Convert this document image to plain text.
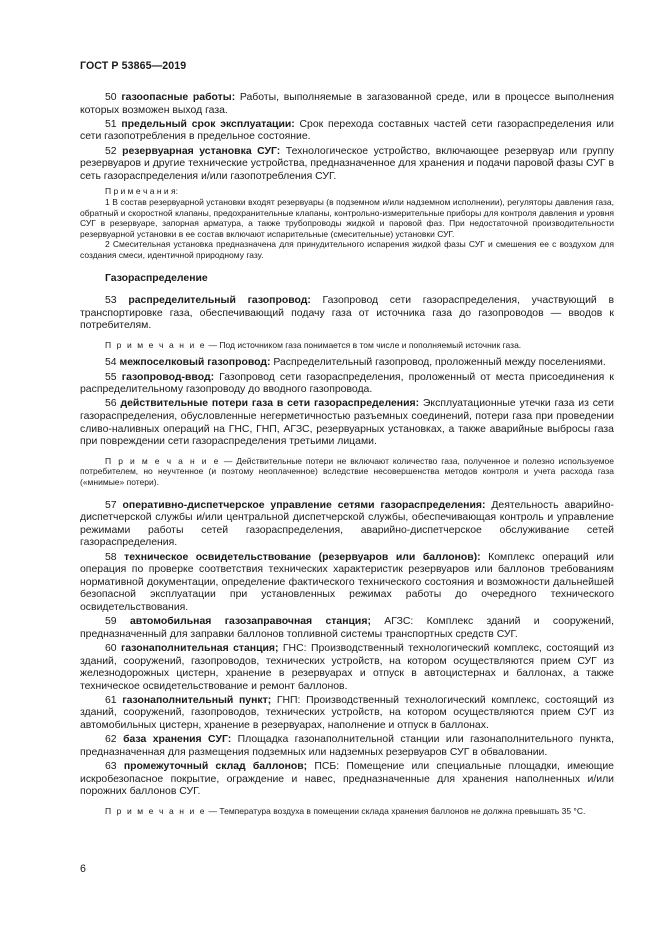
ГОСТ Р 53865—2019

50 газоопасные работы: Работы, выполняемые в загазованной среде, или в процессе выполнения которых возможен выход газа.

51 предельный срок эксплуатации: Срок перехода составных частей сети газораспределения или сети газопотребления в предельное состояние.

52 резервуарная установка СУГ: Технологическое устройство, включающее резервуар или группу резервуаров и другие технические устройства, предназначенное для хранения и подачи паровой фазы СУГ в сеть газораспределения и/или газопотребления СУГ.

П р и м е ч а н и я:

1 В состав резервуарной установки входят резервуары (в подземном и/или надземном исполнении), регуляторы давления газа, обратный и скоростной клапаны, предохранительные клапаны, контрольно-измерительные приборы для контроля давления и уровня СУГ в резервуаре, запорная арматура, а также трубопроводы жидкой и паровой фаз. При недостаточной производительности резервуарной установки в ее состав включают испарительные (смесительные) установки СУГ.

2 Смесительная установка предназначена для принудительного испарения жидкой фазы СУГ и смешения ее с воздухом для создания смеси, идентичной природному газу.

Газораспределение

53 распределительный газопровод: Газопровод сети газораспределения, участвующий в транспортировке газа, обеспечивающий подачу газа от источника газа до газопроводов — вводов к потребителям.

П р и м е ч а н и е — Под источником газа понимается в том числе и пополняемый источник газа.

54 межпоселковый газопровод: Распределительный газопровод, проложенный между поселениями.

55 газопровод-ввод: Газопровод сети газораспределения, проложенный от места присоединения к распределительному газопроводу до вводного газопровода.

56 действительные потери газа в сети газораспределения: Эксплуатационные утечки газа из сети газораспределения, обусловленные негерметичностью разъемных соединений, потери газа при проведении сливо-наливных операций на ГНС, ГНП, АГЗС, резервуарных установках, а также аварийные выбросы газа при повреждении сети газораспределения третьими лицами.

П р и м е ч а н и е — Действительные потери не включают количество газа, полученное и полезно используемое потребителем, но неучтенное (и поэтому неоплаченное) вследствие несовершенства методов контроля и учета расхода газа («мнимые» потери).

57 оперативно-диспетчерское управление сетями газораспределения: Деятельность аварийно-диспетчерской службы и/или центральной диспетчерской службы, обеспечивающая контроль и управление режимами работы сетей газораспределения, аварийно-диспетчерское обслуживание сетей газораспределения.

58 техническое освидетельствование (резервуаров или баллонов): Комплекс операций или операция по проверке соответствия технических характеристик резервуаров или баллонов требованиям нормативной документации, определение фактического технического состояния и возможности дальнейшей безопасной эксплуатации при установленных режимах работы до очередного технического освидетельствования.

59 автомобильная газозаправочная станция; АГЗС: Комплекс зданий и сооружений, предназначенный для заправки баллонов топливной системы транспортных средств СУГ.

60 газонаполнительная станция; ГНС: Производственный технологический комплекс, состоящий из зданий, сооружений, газопроводов, технических устройств, на котором осуществляются прием СУГ из железнодорожных цистерн, хранение в резервуарах и отпуск в автоцистернах и баллонах, а также техническое освидетельствование и ремонт баллонов.

61 газонаполнительный пункт; ГНП: Производственный технологический комплекс, состоящий из зданий, сооружений, газопроводов, технических устройств, на котором осуществляются прием СУГ из автомобильных цистерн, хранение в резервуарах, наполнение и отпуск в баллонах.

62 база хранения СУГ: Площадка газонаполнительной станции или газонаполнительного пункта, предназначенная для размещения подземных или надземных резервуаров СУГ в обваловании.

63 промежуточный склад баллонов; ПСБ: Помещение или специальные площадки, имеющие искробезопасное покрытие, ограждение и навес, предназначенные для хранения наполненных и/или порожних баллонов СУГ.

П р и м е ч а н и е — Температура воздуха в помещении склада хранения баллонов не должна превышать 35 °С.

6
